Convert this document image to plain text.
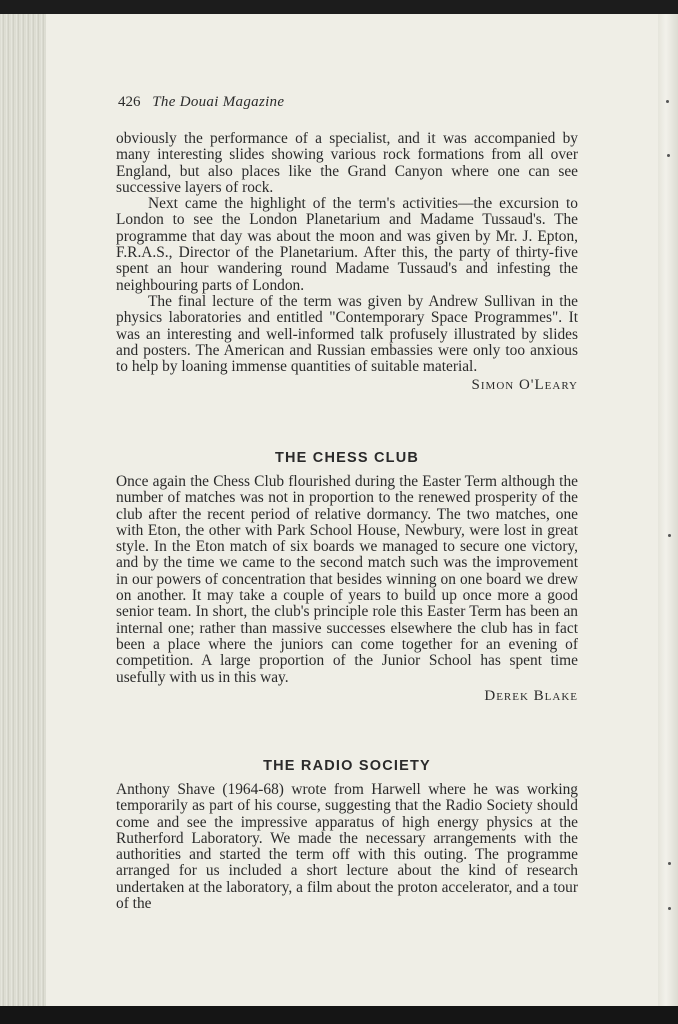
426 The Douai Magazine

obviously the performance of a specialist, and it was accompanied by many interesting slides showing various rock formations from all over England, but also places like the Grand Canyon where one can see successive layers of rock.

Next came the highlight of the term's activities—the excursion to London to see the London Planetarium and Madame Tussaud's. The programme that day was about the moon and was given by Mr. J. Epton, F.R.A.S., Director of the Planetarium. After this, the party of thirty-five spent an hour wandering round Madame Tussaud's and infesting the neighbouring parts of London.

The final lecture of the term was given by Andrew Sullivan in the physics laboratories and entitled "Contemporary Space Programmes". It was an interesting and well-informed talk profusely illustrated by slides and posters. The American and Russian embassies were only too anxious to help by loaning immense quantities of suitable material.

Simon O'Leary
THE CHESS CLUB

Once again the Chess Club flourished during the Easter Term although the number of matches was not in proportion to the renewed prosperity of the club after the recent period of relative dormancy. The two matches, one with Eton, the other with Park School House, Newbury, were lost in great style. In the Eton match of six boards we managed to secure one victory, and by the time we came to the second match such was the improvement in our powers of concentration that besides winning on one board we drew on another. It may take a couple of years to build up once more a good senior team. In short, the club's principle role this Easter Term has been an internal one; rather than massive successes elsewhere the club has in fact been a place where the juniors can come together for an evening of competition. A large proportion of the Junior School has spent time usefully with us in this way.

Derek Blake
THE RADIO SOCIETY

Anthony Shave (1964-68) wrote from Harwell where he was working temporarily as part of his course, suggesting that the Radio Society should come and see the impressive apparatus of high energy physics at the Rutherford Laboratory. We made the necessary arrangements with the authorities and started the term off with this outing. The programme arranged for us included a short lecture about the kind of research undertaken at the laboratory, a film about the proton accelerator, and a tour of the
